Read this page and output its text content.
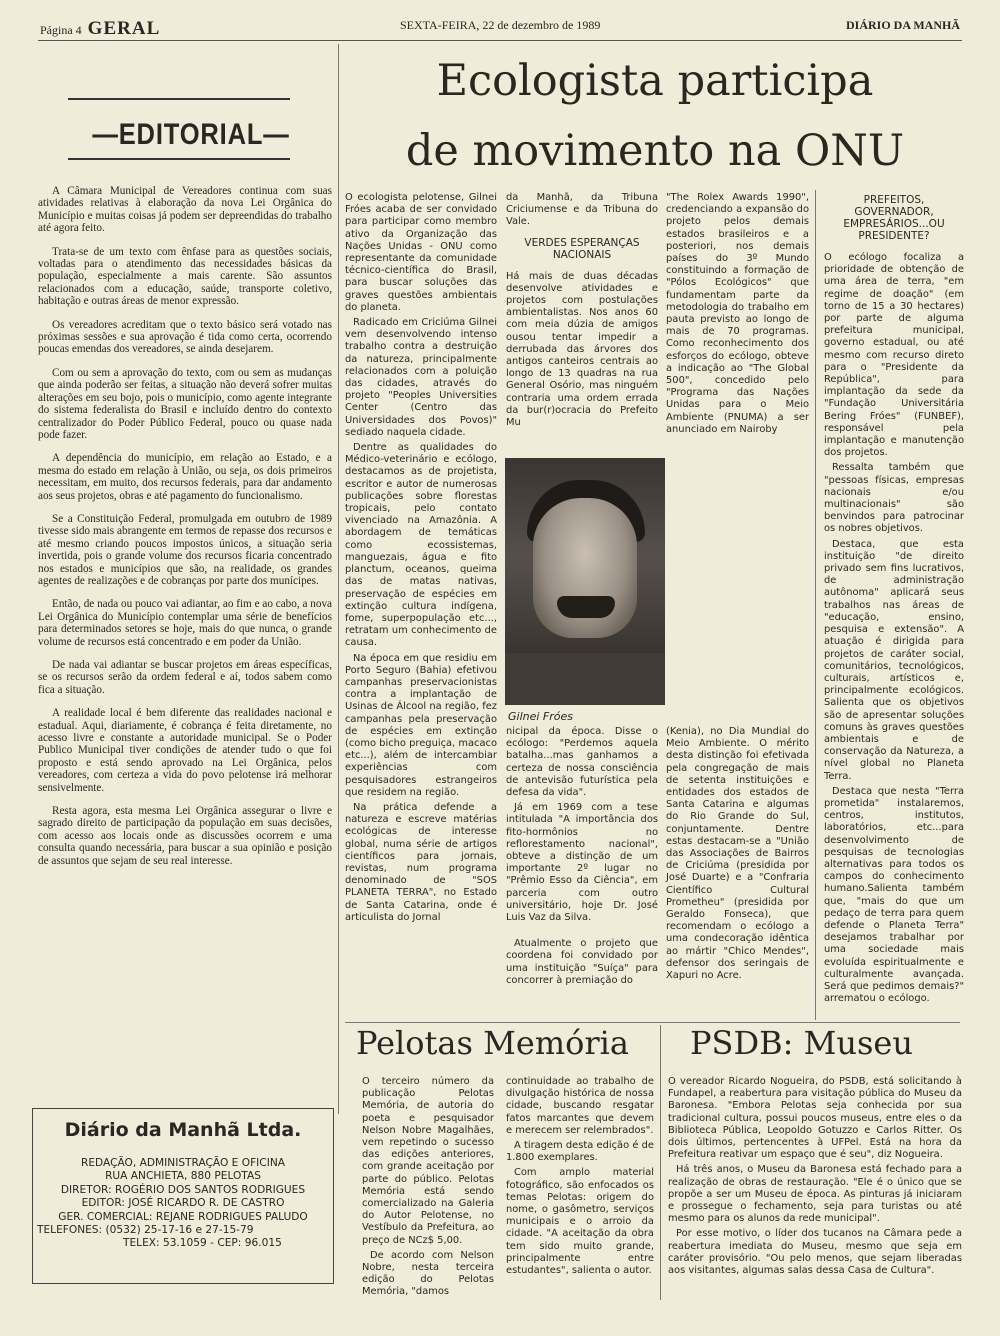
Página 4 GERAL	SEXTA-FEIRA, 22 de dezembro de 1989	DIÁRIO DA MANHÃ
—EDITORIAL—

A Câmara Municipal de Vereadores continua com suas atividades relativas à elaboração da nova Lei Orgânica do Município e muitas coisas já podem ser depreendidas do trabalho até agora feito.

Trata-se de um texto com ênfase para as questões sociais, voltadas para o atendimento das necessidades básicas da população, especialmente a mais carente. São assuntos relacionados com a educação, saúde, transporte coletivo, habitação e outras áreas de menor expressão.

Os vereadores acreditam que o texto básico será votado nas próximas sessões e sua aprovação é tida como certa, ocorrendo poucas emendas dos vereadores, se ainda desejarem.

Com ou sem a aprovação do texto, com ou sem as mudanças que ainda poderão ser feitas, a situação não deverá sofrer muitas alterações em seu bojo, pois o município, como agente integrante do sistema federalista do Brasil e incluído dentro do contexto centralizador do Poder Público Federal, pouco ou quase nada pode fazer.

A dependência do município, em relação ao Estado, e a mesma do estado em relação à União, ou seja, os dois primeiros necessitam, em muito, dos recursos federais, para dar andamento aos seus projetos, obras e até pagamento do funcionalismo.

Se a Constituição Federal, promulgada em outubro de 1989 tivesse sido mais abrangente em termos de repasse dos recursos e até mesmo criando poucos impostos únicos, a situação seria invertida, pois o grande volume dos recursos ficaria concentrado nos estados e municípios que são, na realidade, os grandes agentes de realizações e de cobranças por parte dos munícipes.

Então, de nada ou pouco vai adiantar, ao fim e ao cabo, a nova Lei Orgânica do Município contemplar uma série de benefícios para determinados setores se hoje, mais do que nunca, o grande volume de recursos está concentrado e em poder da União.

De nada vai adiantar se buscar projetos em áreas específicas, se os recursos serão da ordem federal e aí, todos sabem como fica a situação.

A realidade local é bem diferente das realidades nacional e estadual. Aqui, diariamente, é cobrança é feita diretamente, no acesso livre e constante a autoridade municipal. Se o Poder Publico Municipal tiver condições de atender tudo o que foi proposto e está sendo aprovado na Lei Orgânica, pelos vereadores, com certeza a vida do povo pelotense irá melhorar sensivelmente.

Resta agora, esta mesma Lei Orgânica assegurar o livre e sagrado direito de participação da população em suas decisões, com acesso aos locais onde as discussões ocorrem e uma consulta quando necessária, para buscar a sua opinião e posição de assuntos que sejam de seu real interesse.

Ecologista participa
de movimento na ONU

O ecologista pelotense, Gilnei Fróes acaba de ser convidado para participar como membro ativo da Organização das Nações Unidas - ONU como representante da comunidade técnico-científica do Brasil, para buscar soluções das graves questões ambientais do planeta.

Radicado em Criciúma Gilnei vem desenvolvendo intenso trabalho contra a destruição da natureza, principalmente relacionados com a poluição das cidades, através do projeto "Peoples Universities Center (Centro das Universidades dos Povos)" sediado naquela cidade.

Dentre as qualidades do Médico-veterinário e ecólogo, destacamos as de projetista, escritor e autor de numerosas publicações sobre florestas tropicais, pelo contato vivenciado na Amazônia. A abordagem de temáticas como ecossistemas, manguezais, água e fito planctum, oceanos, queima das de matas nativas, preservação de espécies em extinção cultura indígena, fome, superpopulação etc..., retratam um conhecimento de causa.

Na época em que residiu em Porto Seguro (Bahia) efetivou campanhas preservacionistas contra a implantação de Usinas de Álcool na região, fez campanhas pela preservação de espécies em extinção (como bicho preguiça, macaco etc...), além de intercambiar experiências com pesquisadores estrangeiros que residem na região.

Na prática defende a natureza e escreve matérias ecológicas de interesse global, numa série de artigos científicos para jornais, revistas, num programa denominado de "SOS PLANETA TERRA", no Estado de Santa Catarina, onde é articulista do Jornal

da Manhã, da Tribuna Criciumense e da Tribuna do Vale.

VERDES ESPERANÇAS NACIONAIS

Há mais de duas décadas desenvolve atividades e projetos com postulações ambientalistas. Nos anos 60 com meia dúzia de amigos ousou tentar impedir a derrubada das árvores dos antigos canteiros centrais ao longo de 13 quadras na rua General Osório, mas ninguém contraria uma ordem errada da bur(r)ocracia do Prefeito Mu

"The Rolex Awards 1990", credenciando a expansão do projeto pelos demais estados brasileiros e a posteriori, nos demais países do 3º Mundo constituindo a formação de "Pólos Ecológicos" que fundamentam parte da metodologia do trabalho em pauta previsto ao longo de mais de 70 programas. Como reconhecimento dos esforços do ecólogo, obteve a indicação ao "The Global 500", concedido pelo "Programa das Nações Unidas para o Meio Ambiente (PNUMA) a ser anunciado em Nairoby

Gilnei Fróes

nicipal da época. Disse o ecólogo: "Perdemos aquela batalha...mas ganhamos a certeza de nossa consciência de antevisão futurística pela defesa da vida".

Já em 1969 com a tese intitulada "A importância dos fito-hormônios no reflorestamento nacional", obteve a distinção de um importante 2º lugar no "Prêmio Esso da Ciência", em parceria com outro universitário, hoje Dr. José Luis Vaz da Silva.

Atualmente o projeto que coordena foi convidado por uma instituição "Suíça" para concorrer à premiação do

(Kenia), no Dia Mundial do Meio Ambiente. O mérito desta distinção foi efetivada pela congregação de mais de setenta instituições e entidades dos estados de Santa Catarina e algumas do Rio Grande do Sul, conjuntamente. Dentre estas destacam-se a "União das Associações de Bairros de Criciúma (presidida por José Duarte) e a "Confraria Científico Cultural Prometheu" (presidida por Geraldo Fonseca), que recomendam o ecólogo a uma condecoração idêntica ao mártir "Chico Mendes", defensor dos seringais de Xapuri no Acre.

PREFEITOS, GOVERNADOR, EMPRESÁRIOS...OU PRESIDENTE?

O ecólogo focaliza a prioridade de obtenção de uma área de terra, "em regime de doação" (em torno de 15 a 30 hectares) por parte de alguma prefeitura municipal, governo estadual, ou até mesmo com recurso direto para o "Presidente da República", para implantação da sede da "Fundação Universitária Bering Fróes" (FUNBEF), responsável pela implantação e manutenção dos projetos.

Ressalta também que "pessoas físicas, empresas nacionais e/ou multinacionais" são benvindos para patrocinar os nobres objetivos.

Destaca, que esta instituição "de direito privado sem fins lucrativos, de administração autônoma" aplicará seus trabalhos nas áreas de "educação, ensino, pesquisa e extensão". A atuação é dirigida para projetos de caráter social, comunitários, tecnológicos, culturais, artísticos e, principalmente ecológicos. Salienta que os objetivos são de apresentar soluções comuns às graves questões ambientais e de conservação da Natureza, a nível global no Planeta Terra.

Destaca que nesta "Terra prometida" instalaremos, centros, institutos, laboratórios, etc...para desenvolvimento de pesquisas de tecnologias alternativas para todos os campos do conhecimento humano.Salienta também que, "mais do que um pedaço de terra para quem defende o Planeta Terra" desejamos trabalhar por uma sociedade mais evoluída espiritualmente e culturalmente avançada. Será que pedimos demais?" arrematou o ecólogo.

Pelotas Memória

O terceiro número da publicação Pelotas Memória, de autoria do poeta e pesquisador Nelson Nobre Magalhães, vem repetindo o sucesso das edições anteriores, com grande aceitação por parte do público. Pelotas Memória está sendo comercializado na Galeria do Autor Pelotense, no Vestíbulo da Prefeitura, ao preço de NCz$ 5,00.

De acordo com Nelson Nobre, nesta terceira edição do Pelotas Memória, "damos

continuidade ao trabalho de divulgação histórica de nossa cidade, buscando resgatar fatos marcantes que devem e merecem ser relembrados".

A tiragem desta edição é de 1.800 exemplares.

Com amplo material fotográfico, são enfocados os temas Pelotas: origem do nome, o gasômetro, serviços municipais e o arroio da cidade. "A aceitação da obra tem sido muito grande, principalmente entre estudantes", salienta o autor.

PSDB: Museu

O vereador Ricardo Nogueira, do PSDB, está solicitando à Fundapel, a reabertura para visitação pública do Museu da Baronesa. "Embora Pelotas seja conhecida por sua tradicional cultura, possui poucos museus, entre eles o da Biblioteca Pública, Leopoldo Gotuzzo e Carlos Ritter. Os dois últimos, pertencentes à UFPel. Está na hora da Prefeitura reativar um espaço que é seu", diz Nogueira.

Há três anos, o Museu da Baronesa está fechado para a realização de obras de restauração. "Ele é o único que se propõe a ser um Museu de época. As pinturas já iniciaram e prossegue o fechamento, seja para turistas ou até mesmo para os alunos da rede municipal".

Por esse motivo, o líder dos tucanos na Câmara pede a reabertura imediata do Museu, mesmo que seja em caráter provisório. "Ou pelo menos, que sejam liberadas aos visitantes, algumas salas dessa Casa de Cultura".

Diário da Manhã Ltda.
REDAÇÃO, ADMINISTRAÇÃO E OFICINA
RUA ANCHIETA, 880 PELOTAS
DIRETOR: ROGÉRIO DOS SANTOS RODRIGUES
EDITOR: JOSÉ RICARDO R. DE CASTRO
GER. COMERCIAL: REJANE RODRIGUES PALUDO
TELEFONES: (0532) 25-17-16 e 27-15-79
TELEX: 53.1059 - CEP: 96.015
